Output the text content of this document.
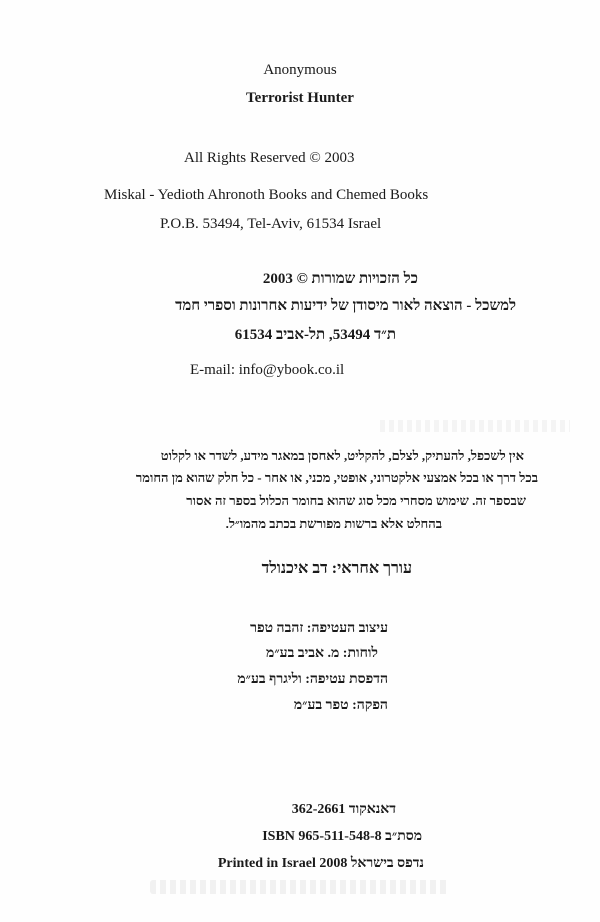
Anonymous
Terrorist Hunter
All Rights Reserved © 2003
Miskal - Yedioth Ahronoth Books and Chemed Books
P.O.B. 53494, Tel-Aviv, 61534 Israel
כל הזכויות שמורות © 2003
למשכל - הוצאה לאור מיסודן של ידיעות אחרונות וספרי חמד
ת״ד 53494, תל-אביב 61534
E-mail: info@ybook.co.il
אין לשכפל, להעתיק, לצלם, להקליט, לאחסן במאגר מידע, לשדר או לקלוט
בכל דרך או בכל אמצעי אלקטרוני, אופטי, מכני, או אחר - כל חלק שהוא מן החומר
שבספר זה. שימוש מסחרי מכל סוג שהוא בחומר הכלול בספר זה אסור
בהחלט אלא ברשות מפורשת בכתב מהמו״ל.
עורך אחראי: דב איכנולד
עיצוב העטיפה: זהבה טפר
לוחות: מ. אביב בע״מ
הדפסת עטיפה: וליגרף בע״מ
הפקה: טפר בע״מ
דאנאקוד 362-2661
מסת״ב 965-511-548-8 ISBN
נדפס בישראל 2008 Printed in Israel
